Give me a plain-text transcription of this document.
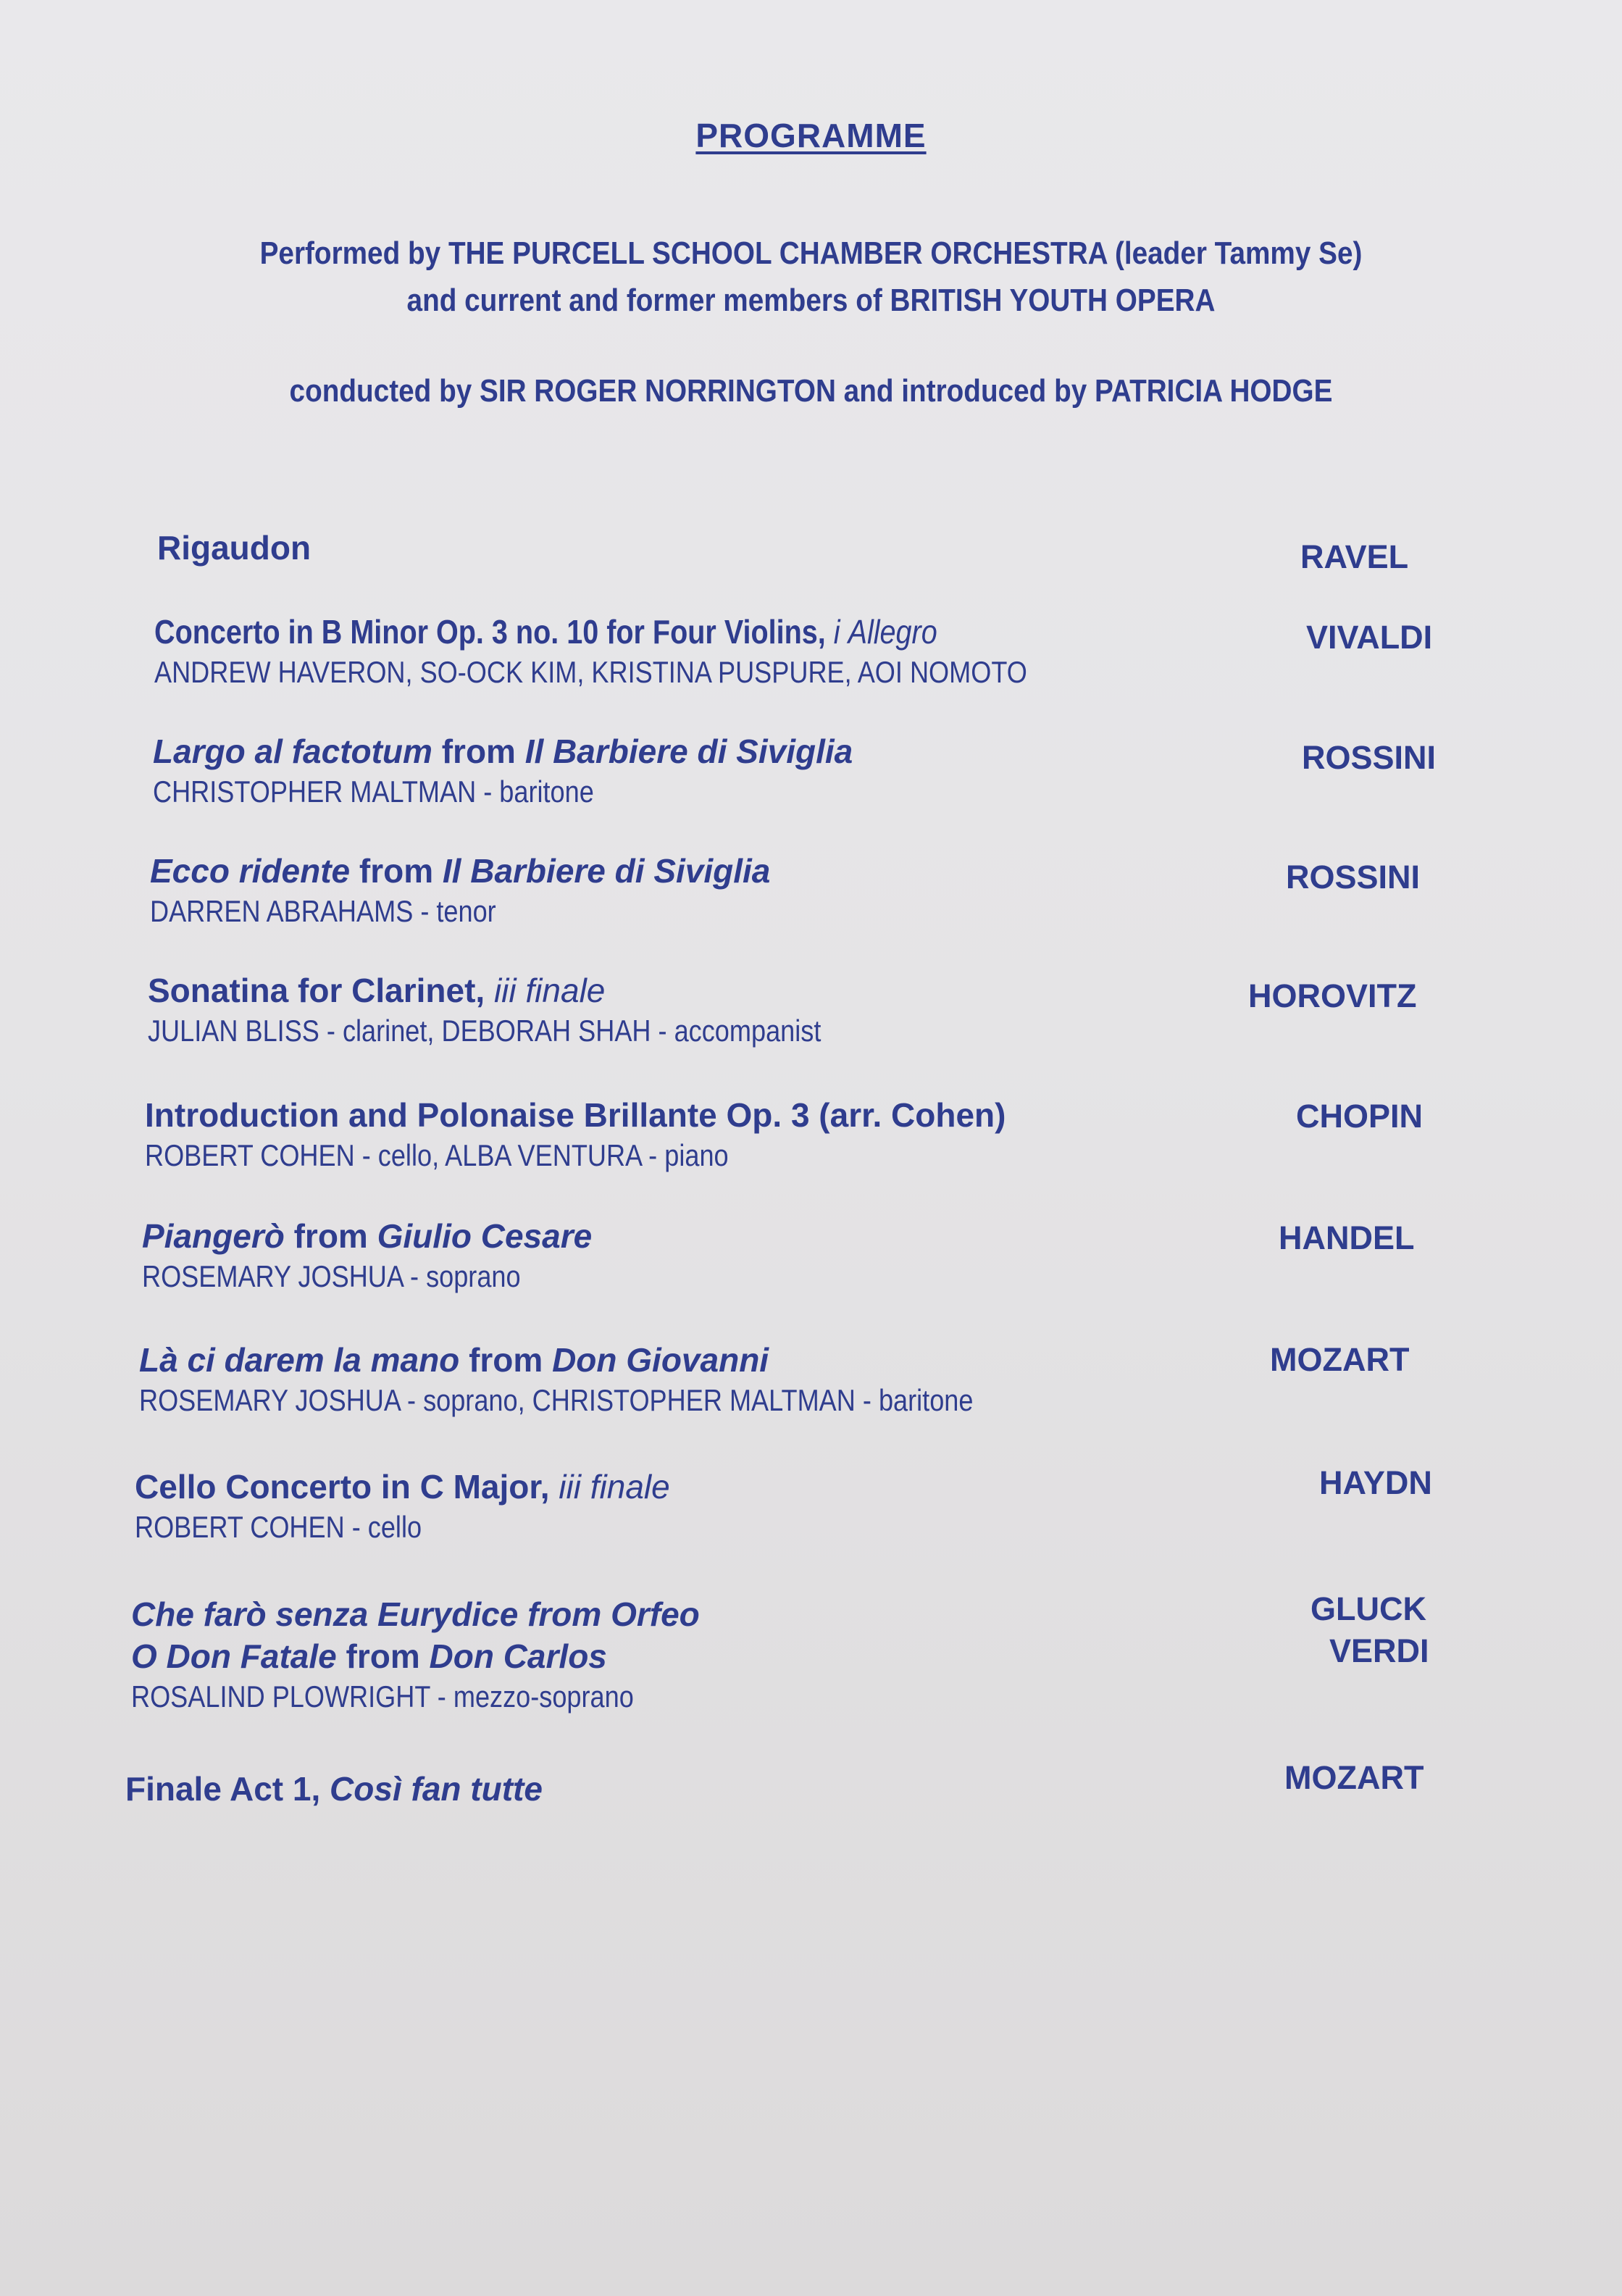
PROGRAMME
Performed by THE PURCELL SCHOOL CHAMBER ORCHESTRA (leader Tammy Se)
and current and former members of BRITISH YOUTH OPERA
conducted by SIR ROGER NORRINGTON and introduced by PATRICIA HODGE
Rigaudon	RAVEL
Concerto in B Minor Op. 3 no. 10 for Four Violins, i Allegro
ANDREW HAVERON, SO-OCK KIM, KRISTINA PUSPURE, AOI NOMOTO
VIVALDI
Largo al factotum from Il Barbiere di Siviglia
CHRISTOPHER MALTMAN - baritone
ROSSINI
Ecco ridente from Il Barbiere di Siviglia
DARREN ABRAHAMS - tenor
ROSSINI
Sonatina for Clarinet, iii finale
JULIAN BLISS - clarinet, DEBORAH SHAH - accompanist
HOROVITZ
Introduction and Polonaise Brillante Op. 3 (arr. Cohen)
ROBERT COHEN - cello, ALBA VENTURA - piano
CHOPIN
Piangerò from Giulio Cesare
ROSEMARY JOSHUA - soprano
HANDEL
Là ci darem la mano from Don Giovanni
ROSEMARY JOSHUA - soprano, CHRISTOPHER MALTMAN - baritone
MOZART
Cello Concerto in C Major, iii finale
ROBERT COHEN - cello
HAYDN
Che farò senza Eurydice from Orfeo
O Don Fatale from Don Carlos
ROSALIND PLOWRIGHT - mezzo-soprano
GLUCK
VERDI
Finale Act 1, Così fan tutte	MOZART
